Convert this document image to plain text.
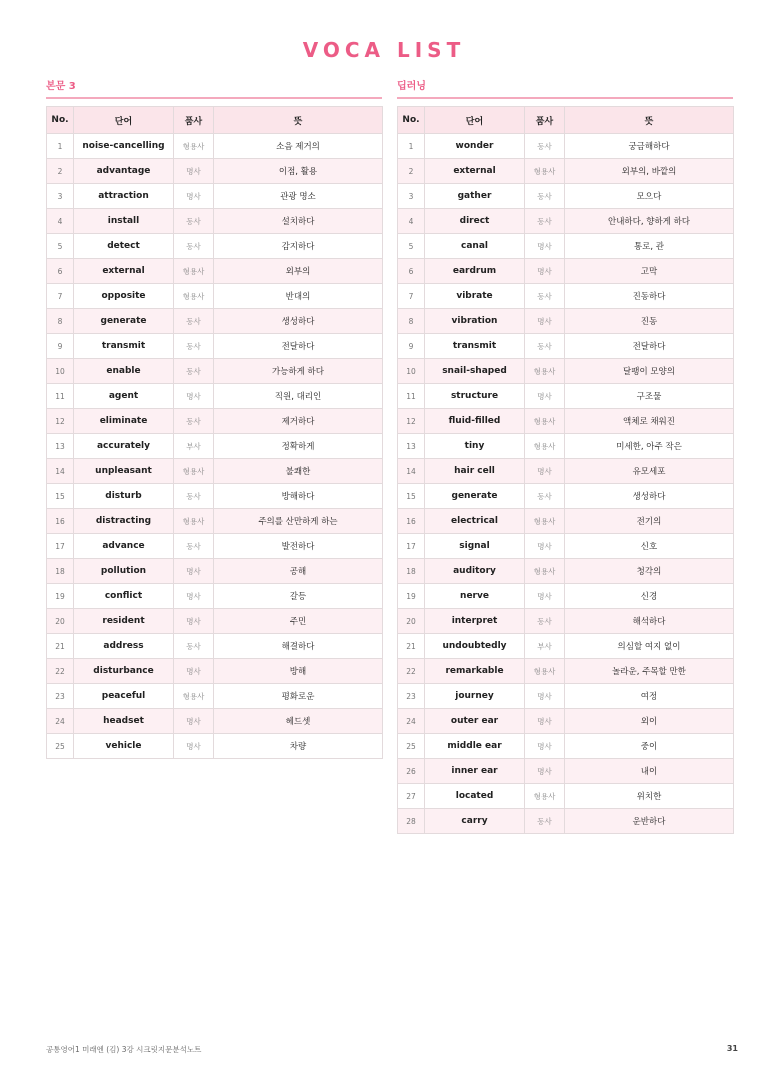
VOCA LIST
본문 3
No.	단어	품사	뜻
1	noise-cancelling	형용사	소음 제거의
2	advantage	명사	이점, 활용
3	attraction	명사	관광 명소
4	install	동사	설치하다
5	detect	동사	감지하다
6	external	형용사	외부의
7	opposite	형용사	반대의
8	generate	동사	생성하다
9	transmit	동사	전달하다
10	enable	동사	가능하게 하다
11	agent	명사	직원, 대리인
12	eliminate	동사	제거하다
13	accurately	부사	정확하게
14	unpleasant	형용사	불쾌한
15	disturb	동사	방해하다
16	distracting	형용사	주의를 산만하게 하는
17	advance	동사	발전하다
18	pollution	명사	공해
19	conflict	명사	갈등
20	resident	명사	주민
21	address	동사	해결하다
22	disturbance	명사	방해
23	peaceful	형용사	평화로운
24	headset	명사	헤드셋
25	vehicle	명사	차량
딥러닝
No.	단어	품사	뜻
1	wonder	동사	궁금해하다
2	external	형용사	외부의, 바깥의
3	gather	동사	모으다
4	direct	동사	안내하다, 향하게 하다
5	canal	명사	통로, 관
6	eardrum	명사	고막
7	vibrate	동사	진동하다
8	vibration	명사	진동
9	transmit	동사	전달하다
10	snail-shaped	형용사	달팽이 모양의
11	structure	명사	구조물
12	fluid-filled	형용사	액체로 채워진
13	tiny	형용사	미세한, 아주 작은
14	hair cell	명사	유모세포
15	generate	동사	생성하다
16	electrical	형용사	전기의
17	signal	명사	신호
18	auditory	형용사	청각의
19	nerve	명사	신경
20	interpret	동사	해석하다
21	undoubtedly	부사	의심할 여지 없이
22	remarkable	형용사	놀라운, 주목할 만한
23	journey	명사	여정
24	outer ear	명사	외이
25	middle ear	명사	중이
26	inner ear	명사	내이
27	located	형용사	위치한
28	carry	동사	운반하다
공통영어1 미래엔 (김) 3강 시크릿지문분석노트	31
